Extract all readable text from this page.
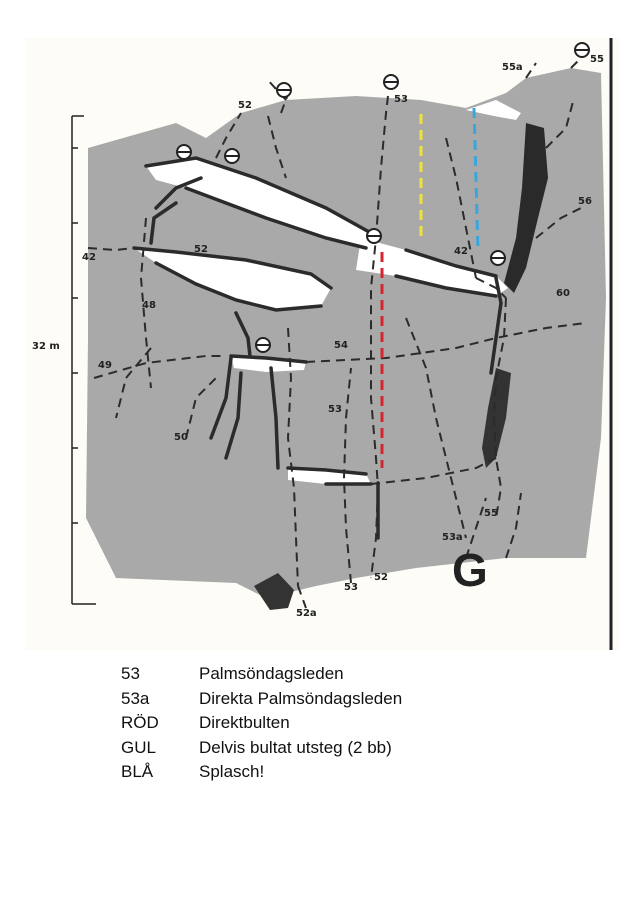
32 m
52
53
55a
55
56
42
52
60
48
54
49
53
50
55
53a
53
52
52a
42
G
53	Palmsöndagsleden
53a	Direkta Palmsöndagsleden
RÖD	Direktbulten
GUL	Delvis bultat utsteg (2 bb)
BLÅ	Splasch!
